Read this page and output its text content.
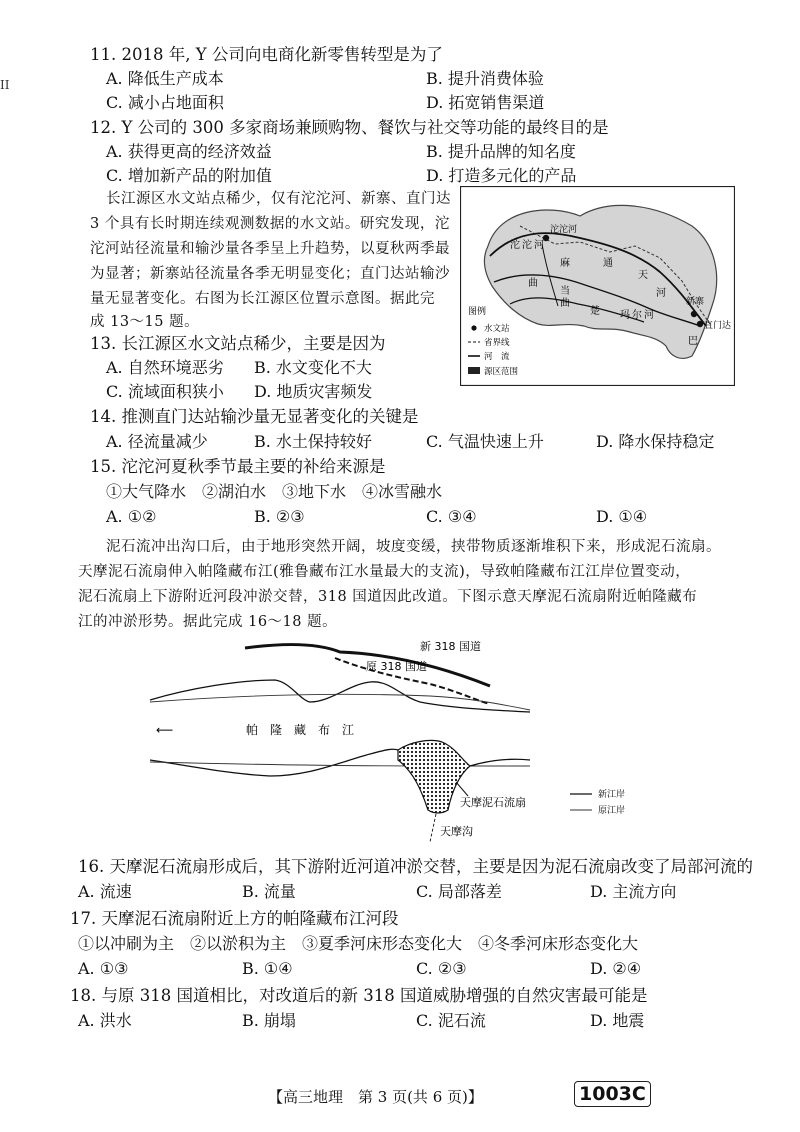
II
11. 2018 年, Y 公司向电商化新零售转型是为了
A. 降低生产成本	B. 提升消费体验
C. 减小占地面积	D. 拓宽销售渠道
12. Y 公司的 300 多家商场兼顾购物、餐饮与社交等功能的最终目的是
A. 获得更高的经济效益	B. 提升品牌的知名度
C. 增加新产品的附加值	D. 打造多元化的产品
长江源区水文站点稀少，仅有沱沱河、新寨、直门达
3 个具有长时期连续观测数据的水文站。研究发现，沱
沱河站径流量和输沙量各季呈上升趋势，以夏秋两季最
为显著；新寨站径流量各季无明显变化；直门达站输沙
量无显著变化。右图为长江源区位置示意图。据此完
成 13～15 题。
沱 沱 河
曲
麻	通
天
河
当
曲
楚 玛 尔 河
巴
沱沱河
新寨
直门达
图例
水文站
省界线
河　流
源区范围
13. 长江源区水文站点稀少，主要是因为
A. 自然环境恶劣 B. 水文变化不大
C. 流域面积狭小 D. 地质灾害频发
14. 推测直门达站输沙量无显著变化的关键是
A. 径流量减少	B. 水土保持较好	C. 气温快速上升	D. 降水保持稳定
15. 沱沱河夏秋季节最主要的补给来源是
①大气降水　②湖泊水　③地下水　④冰雪融水
A. ①②	B. ②③	C. ③④	D. ①④
泥石流冲出沟口后，由于地形突然开阔，坡度变缓，挟带物质逐渐堆积下来，形成泥石流扇。
天摩泥石流扇伸入帕隆藏布江(雅鲁藏布江水量最大的支流)，导致帕隆藏布江江岸位置变动，
泥石流扇上下游附近河段冲淤交替，318 国道因此改道。下图示意天摩泥石流扇附近帕隆藏布
江的冲淤形势。据此完成 16～18 题。
新 318 国道
原 318 国道
⟵	帕　隆　藏　布　江
天摩泥石流扇
天摩沟
新江岸
原江岸
16. 天摩泥石流扇形成后，其下游附近河道冲淤交替，主要是因为泥石流扇改变了局部河流的
A. 流速	B. 流量	C. 局部落差	D. 主流方向
17. 天摩泥石流扇附近上方的帕隆藏布江河段
①以冲刷为主　②以淤积为主　③夏季河床形态变化大　④冬季河床形态变化大
A. ①③	B. ①④	C. ②③	D. ②④
18. 与原 318 国道相比，对改道后的新 318 国道威胁增强的自然灾害最可能是
A. 洪水	B. 崩塌	C. 泥石流	D. 地震
【高三地理　第 3 页(共 6 页)】	1003C
